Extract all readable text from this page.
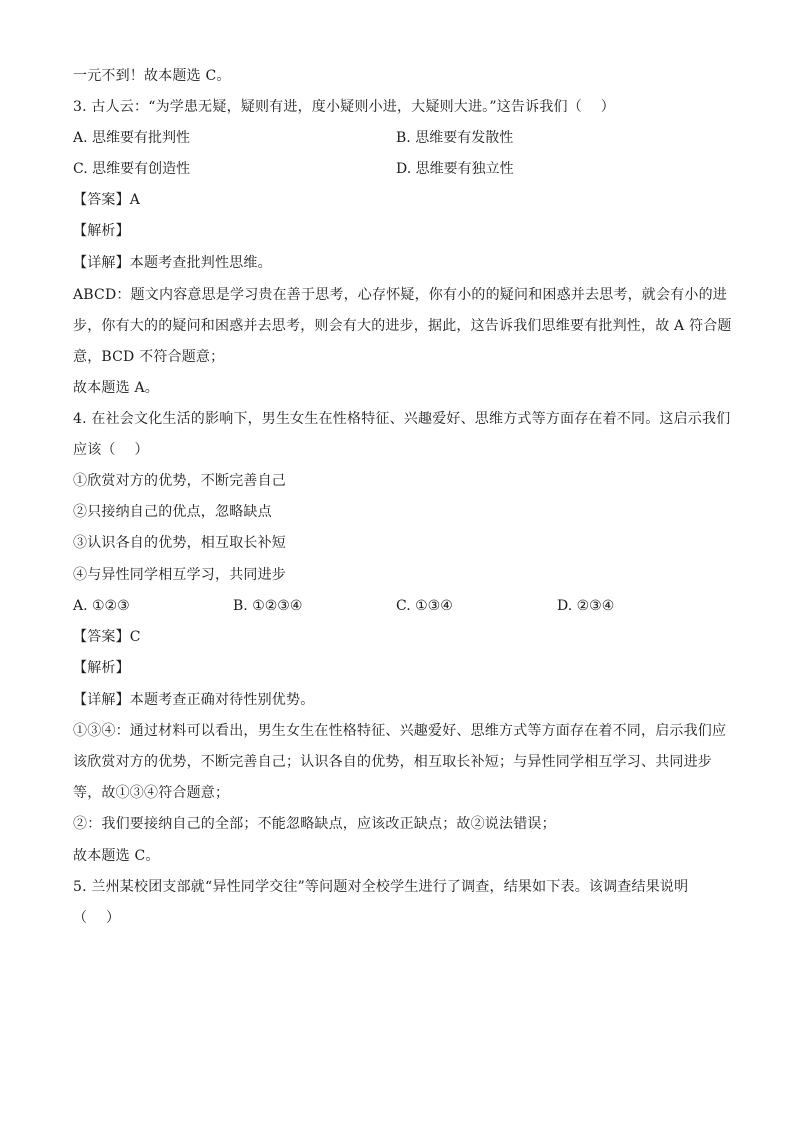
一元不到！故本题选 C。
3. 古人云：“为学患无疑，疑则有进，度小疑则小进，大疑则大进。”这告诉我们（　 ）
A. 思维要有批判性	B. 思维要有发散性
C. 思维要有创造性	D. 思维要有独立性
【答案】A
【解析】
【详解】本题考查批判性思维。
ABCD：题文内容意思是学习贵在善于思考，心存怀疑，你有小的的疑问和困惑并去思考，就会有小的进
步，你有大的的疑问和困惑并去思考，则会有大的进步，据此，这告诉我们思维要有批判性，故 A 符合题
意，BCD 不符合题意；
故本题选 A。
4. 在社会文化生活的影响下，男生女生在性格特征、兴趣爱好、思维方式等方面存在着不同。这启示我们
应该（　 ）
①欣赏对方的优势，不断完善自己
②只接纳自己的优点，忽略缺点
③认识各自的优势，相互取长补短
④与异性同学相互学习，共同进步
A. ①②③	B. ①②③④	C. ①③④	D. ②③④
【答案】C
【解析】
【详解】本题考查正确对待性别优势。
①③④：通过材料可以看出，男生女生在性格特征、兴趣爱好、思维方式等方面存在着不同，启示我们应
该欣赏对方的优势，不断完善自己；认识各自的优势，相互取长补短；与异性同学相互学习、共同进步
等，故①③④符合题意；
②：我们要接纳自己的全部；不能忽略缺点，应该改正缺点；故②说法错误；
故本题选 C。
5. 兰州某校团支部就“异性同学交往”等问题对全校学生进行了调查，结果如下表。该调查结果说明
（　 ）
